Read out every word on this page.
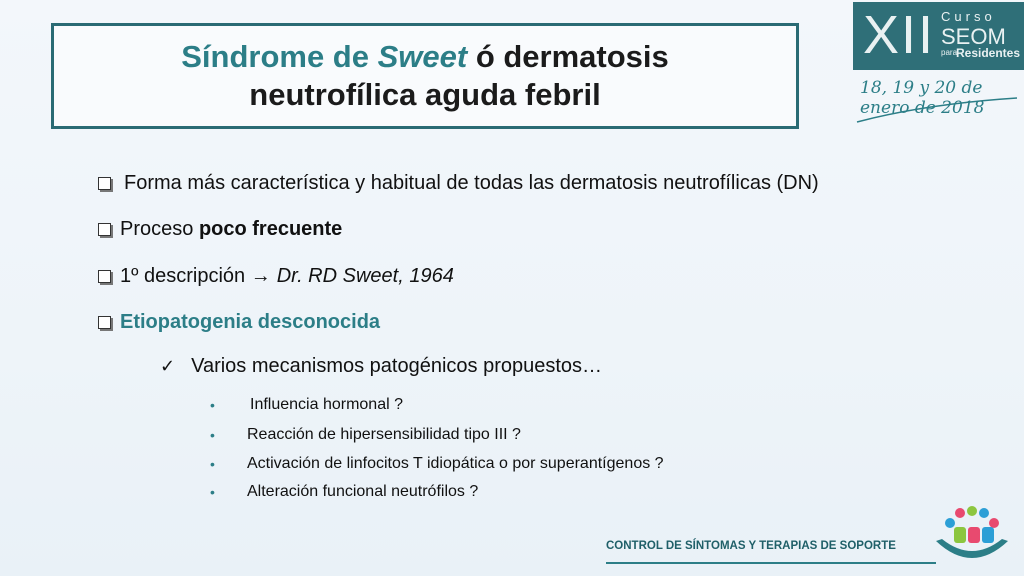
Síndrome de Sweet ó dermatosis
neutrofílica aguda febril
XII Curso
SEOM
para
Residentes
18, 19 y 20 de enero de 2018
Forma más característica y habitual de todas las dermatosis neutrofílicas (DN)
Proceso poco frecuente
1º descripción → Dr. RD Sweet, 1964
Etiopatogenia desconocida
✓ Varios mecanismos patogénicos propuestos…
•	Influencia hormonal ?
•	Reacción de hipersensibilidad tipo III ?
•	Activación de linfocitos T idiopática o por superantígenos ?
•	Alteración funcional neutrófilos ?
CONTROL DE SÍNTOMAS Y TERAPIAS DE SOPORTE
